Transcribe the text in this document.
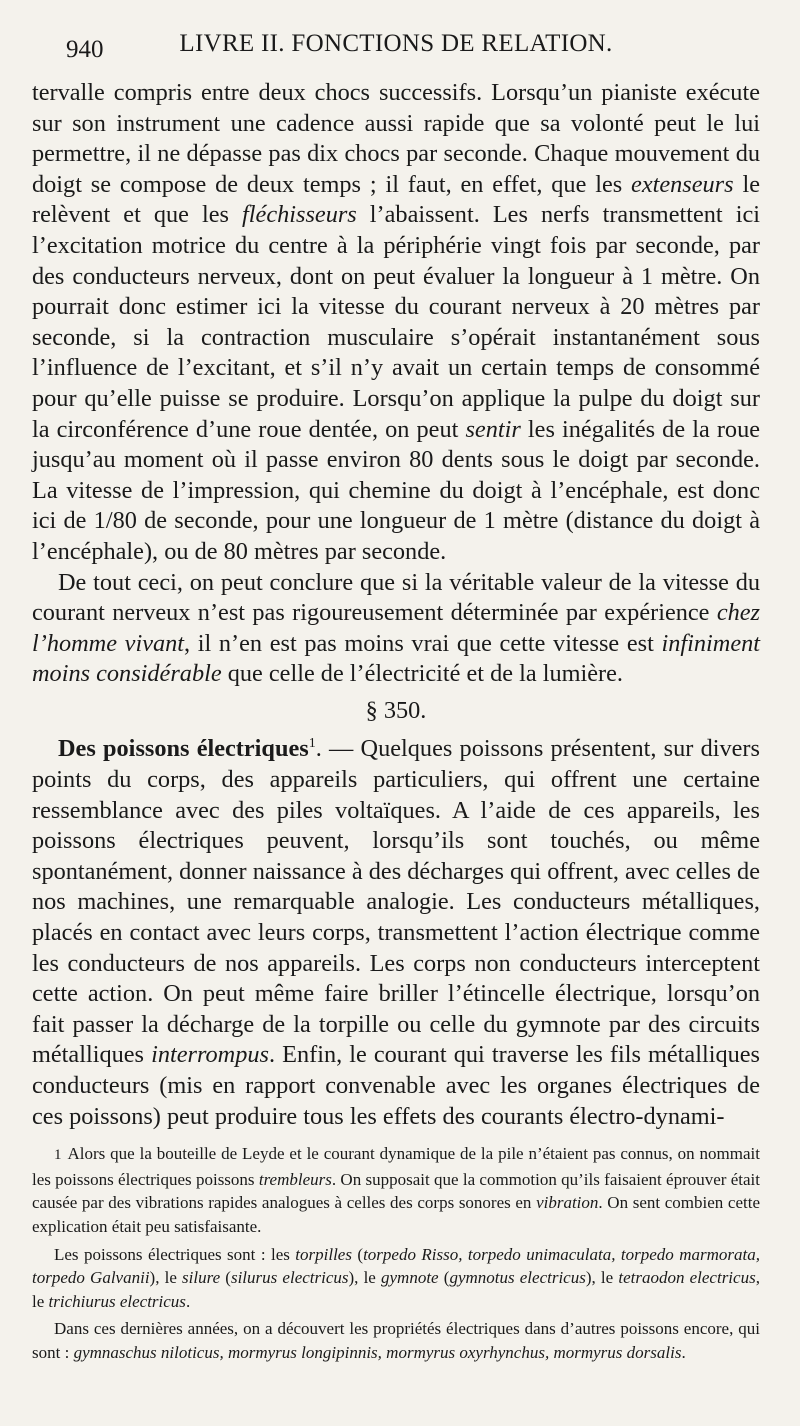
940	LIVRE II. FONCTIONS DE RELATION.

tervalle compris entre deux chocs successifs. Lorsqu’un pianiste exécute sur son instrument une cadence aussi rapide que sa volonté peut le lui permettre, il ne dépasse pas dix chocs par seconde. Chaque mouvement du doigt se compose de deux temps ; il faut, en effet, que les extenseurs le relèvent et que les fléchisseurs l’abaissent. Les nerfs transmettent ici l’excitation motrice du centre à la périphérie vingt fois par seconde, par des conducteurs nerveux, dont on peut évaluer la longueur à 1 mètre. On pourrait donc estimer ici la vitesse du courant nerveux à 20 mètres par seconde, si la contraction musculaire s’opérait instantanément sous l’influence de l’excitant, et s’il n’y avait un certain temps de consommé pour qu’elle puisse se produire. Lorsqu’on applique la pulpe du doigt sur la circonférence d’une roue dentée, on peut sentir les inégalités de la roue jusqu’au moment où il passe environ 80 dents sous le doigt par seconde. La vitesse de l’impression, qui chemine du doigt à l’encéphale, est donc ici de 1/80 de seconde, pour une longueur de 1 mètre (distance du doigt à l’encéphale), ou de 80 mètres par seconde.

De tout ceci, on peut conclure que si la véritable valeur de la vitesse du courant nerveux n’est pas rigoureusement déterminée par expérience chez l’homme vivant, il n’en est pas moins vrai que cette vitesse est infiniment moins considérable que celle de l’électricité et de la lumière.

§ 350.

Des poissons électriques$^1$. — Quelques poissons présentent, sur divers points du corps, des appareils particuliers, qui offrent une certaine ressemblance avec des piles voltaïques. A l’aide de ces appareils, les poissons électriques peuvent, lorsqu’ils sont touchés, ou même spontanément, donner naissance à des décharges qui offrent, avec celles de nos machines, une remarquable analogie. Les conducteurs métalliques, placés en contact avec leurs corps, transmettent l’action électrique comme les conducteurs de nos appareils. Les corps non conducteurs interceptent cette action. On peut même faire briller l’étincelle électrique, lorsqu’on fait passer la décharge de la torpille ou celle du gymnote par des circuits métalliques interrompus. Enfin, le courant qui traverse les fils métalliques conducteurs (mis en rapport convenable avec les organes électriques de ces poissons) peut produire tous les effets des courants électro-dynami-

1 Alors que la bouteille de Leyde et le courant dynamique de la pile n’étaient pas connus, on nommait les poissons électriques poissons trembleurs. On supposait que la commotion qu’ils faisaient éprouver était causée par des vibrations rapides analogues à celles des corps sonores en vibration. On sent combien cette explication était peu satisfaisante.

Les poissons électriques sont : les torpilles (torpedo Risso, torpedo unimaculata, torpedo marmorata, torpedo Galvanii), le silure (silurus electricus), le gymnote (gymnotus electricus), le tetraodon electricus, le trichiurus electricus.

Dans ces dernières années, on a découvert les propriétés électriques dans d’autres poissons encore, qui sont : gymnaschus niloticus, mormyrus longipinnis, mormyrus oxyrhynchus, mormyrus dorsalis.
